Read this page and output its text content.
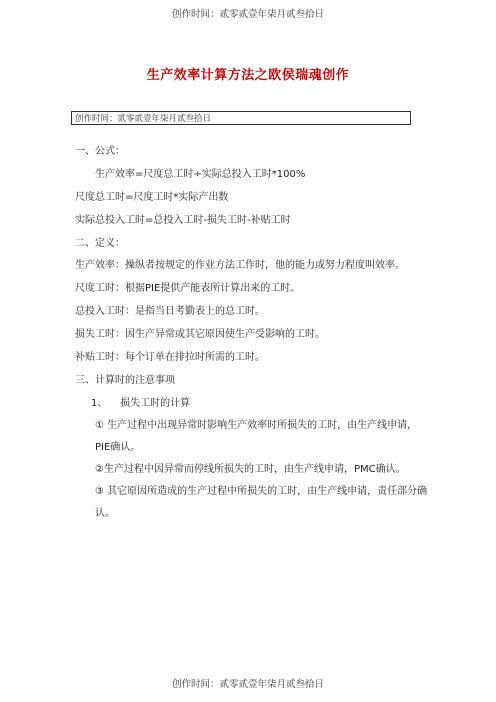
创作时间：贰零贰壹年柒月贰叁拾日
生产效率计算方法之欧侯瑞魂创作
创作时间：贰零贰壹年柒月贰叁拾日

一、公式：

生产效率=尺度总工时÷实际总投入工时*100%

尺度总工时=尺度工时*实际产出数

实际总投入工时=总投入工时-损失工时-补贴工时

二、定义：

生产效率：操纵者按规定的作业方法工作时，他的能力或努力程度叫效率。

尺度工时：根据PIE提供产能表所计算出来的工时。

总投入工时：是指当日考勤表上的总工时。

损失工时：因生产异常或其它原因使生产受影响的工时。

补贴工时：每个订单在排拉时所需的工时。

三、计算时的注意事项

1、    损失工时的计算

① 生产过程中出现异常时影响生产效率时所损失的工时，由生产线申请，PIE确认。

②生产过程中因异常而停线所损失的工时，由生产线申请，PMC确认。

③ 其它原因所造成的生产过程中所损失的工时，由生产线申请，责任部分确认。

创作时间：贰零贰壹年柒月贰叁拾日
